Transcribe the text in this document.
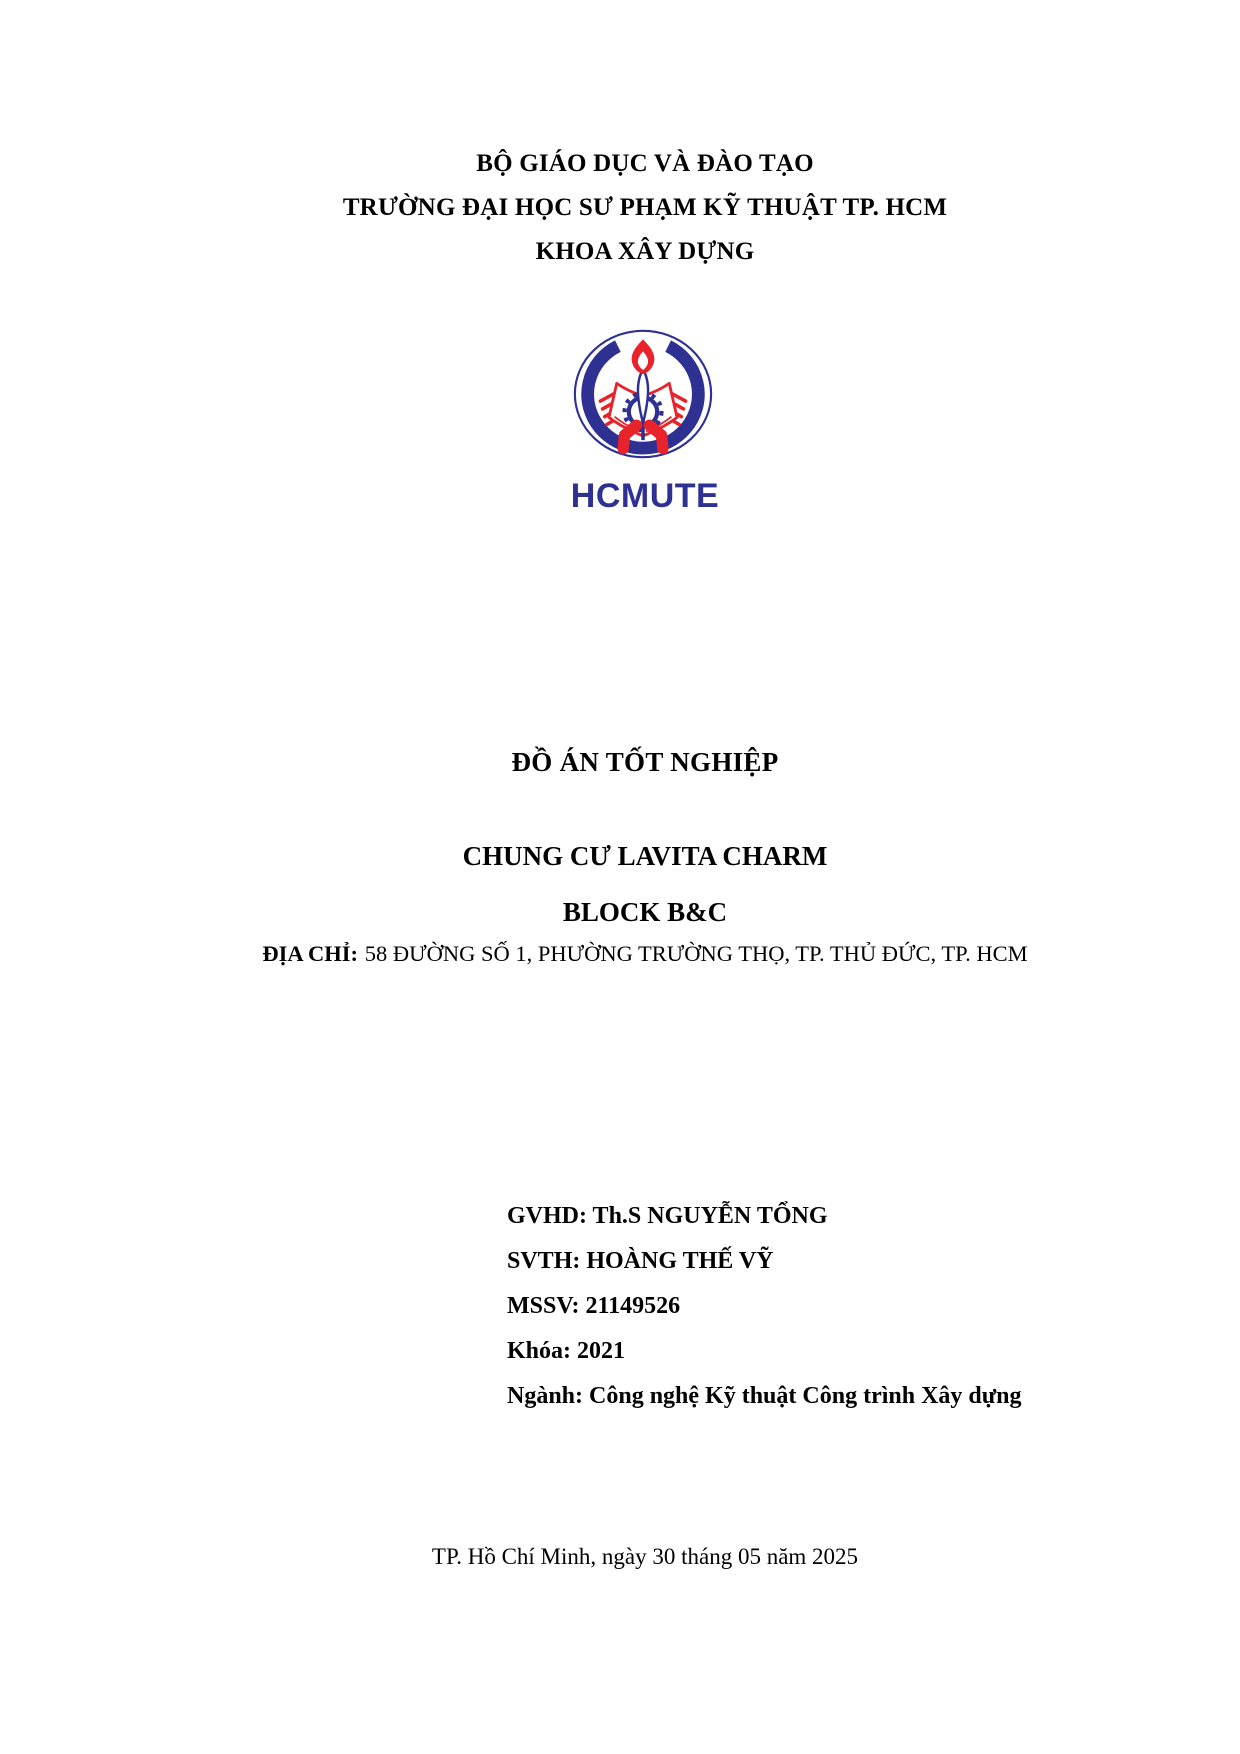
BỘ GIÁO DỤC VÀ ĐÀO TẠO
TRƯỜNG ĐẠI HỌC SƯ PHẠM KỸ THUẬT TP. HCM
KHOA XÂY DỰNG
HCMUTE
ĐỒ ÁN TỐT NGHIỆP
CHUNG CƯ LAVITA CHARM
BLOCK B&C
ĐỊA CHỈ: 58 ĐƯỜNG SỐ 1, PHƯỜNG TRƯỜNG THỌ, TP. THỦ ĐỨC, TP. HCM
GVHD: Th.S NGUYỄN TỔNG
SVTH: HOÀNG THẾ VỸ
MSSV: 21149526
Khóa: 2021
Ngành: Công nghệ Kỹ thuật Công trình Xây dựng
TP. Hồ Chí Minh, ngày 30 tháng 05 năm 2025
